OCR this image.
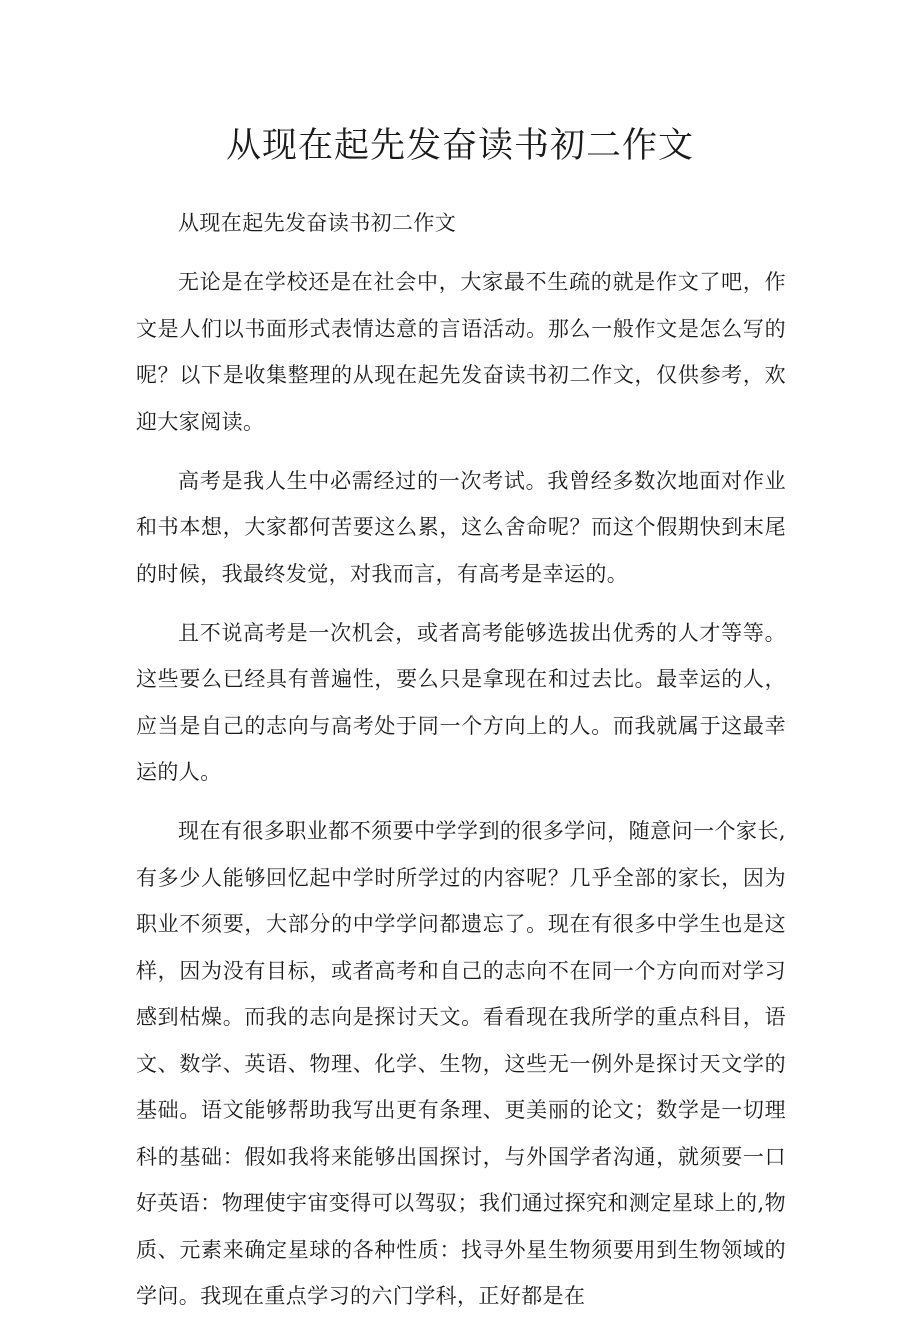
从现在起先发奋读书初二作文

从现在起先发奋读书初二作文

无论是在学校还是在社会中，大家最不生疏的就是作文了吧，作文是人们以书面形式表情达意的言语活动。那么一般作文是怎么写的呢？以下是收集整理的从现在起先发奋读书初二作文，仅供参考，欢迎大家阅读。

高考是我人生中必需经过的一次考试。我曾经多数次地面对作业和书本想，大家都何苦要这么累，这么舍命呢？而这个假期快到末尾的时候，我最终发觉，对我而言，有高考是幸运的。

且不说高考是一次机会，或者高考能够选拔出优秀的人才等等。这些要么已经具有普遍性，要么只是拿现在和过去比。最幸运的人，应当是自己的志向与高考处于同一个方向上的人。而我就属于这最幸运的人。

现在有很多职业都不须要中学学到的很多学问，随意问一个家长,有多少人能够回忆起中学时所学过的内容呢？几乎全部的家长，因为职业不须要，大部分的中学学问都遗忘了。现在有很多中学生也是这样，因为没有目标，或者高考和自己的志向不在同一个方向而对学习感到枯燥。而我的志向是探讨天文。看看现在我所学的重点科目，语文、数学、英语、物理、化学、生物，这些无一例外是探讨天文学的基础。语文能够帮助我写出更有条理、更美丽的论文；数学是一切理科的基础：假如我将来能够出国探讨，与外国学者沟通，就须要一口好英语：物理使宇宙变得可以驾驭；我们通过探究和测定星球上的,物质、元素来确定星球的各种性质：找寻外星生物须要用到生物领域的学问。我现在重点学习的六门学科，正好都是在
